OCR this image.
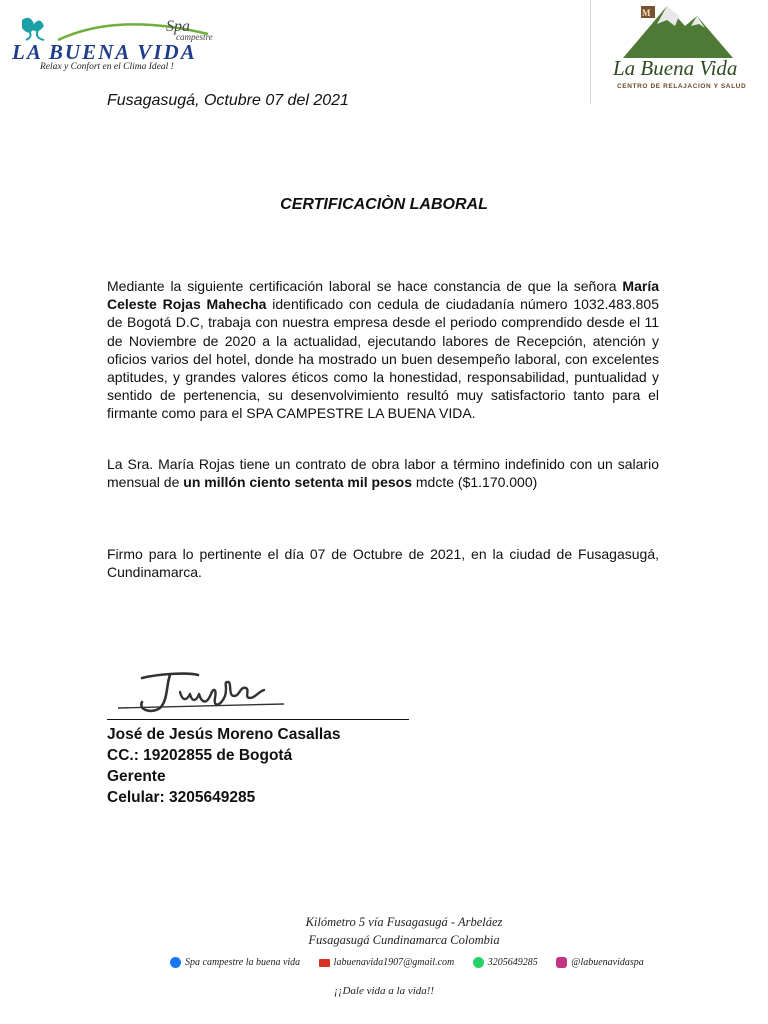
Spa
campestre
LA BUENA VIDA
Relax y Confort en el Clima Ideal !
M
La Buena Vida
CENTRO DE RELAJACION Y SALUD
Fusagasugá, Octubre 07 del 2021
CERTIFICACIÒN LABORAL
Mediante la siguiente certificación laboral se hace constancia de que la señora María Celeste Rojas Mahecha identificado con cedula de ciudadanía número 1032.483.805 de Bogotá D.C, trabaja con nuestra empresa desde el periodo comprendido desde el 11 de Noviembre de 2020 a la actualidad, ejecutando labores de Recepción, atención y oficios varios del hotel, donde ha mostrado un buen desempeño laboral, con excelentes aptitudes, y grandes valores éticos como la honestidad, responsabilidad, puntualidad y sentido de pertenencia, su desenvolvimiento resultó muy satisfactorio tanto para el firmante como para el SPA CAMPESTRE LA BUENA VIDA.
La Sra. María Rojas tiene un contrato de obra labor a término indefinido con un salario mensual de un millón ciento setenta mil pesos mdcte ($1.170.000)
Firmo para lo pertinente el día 07 de Octubre de 2021, en la ciudad de Fusagasugá, Cundinamarca.
José de Jesús Moreno Casallas
CC.: 19202855 de Bogotá
Gerente
Celular: 3205649285
Kilómetro 5 vía Fusagasugá - Arbeláez
Fusagasugá Cundinamarca Colombia
Spa campestre la buena vida	labuenavida1907@gmail.com	3205649285	@labuenavidaspa
¡¡Dale vida a la vida!!
